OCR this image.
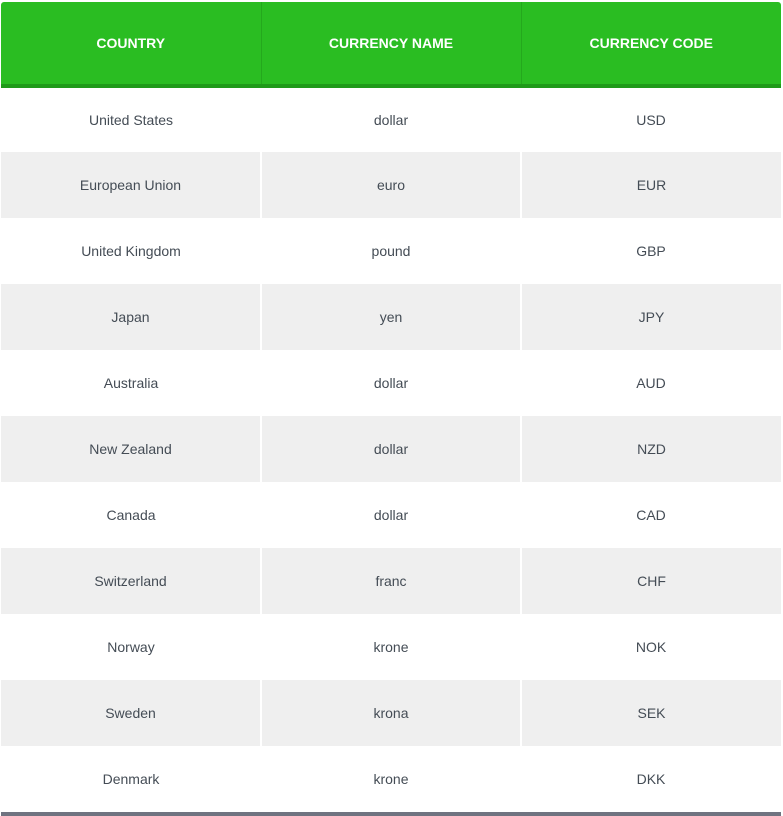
COUNTRY	CURRENCY NAME	CURRENCY CODE
United States	dollar	USD
European Union	euro	EUR
United Kingdom	pound	GBP
Japan	yen	JPY
Australia	dollar	AUD
New Zealand	dollar	NZD
Canada	dollar	CAD
Switzerland	franc	CHF
Norway	krone	NOK
Sweden	krona	SEK
Denmark	krone	DKK
